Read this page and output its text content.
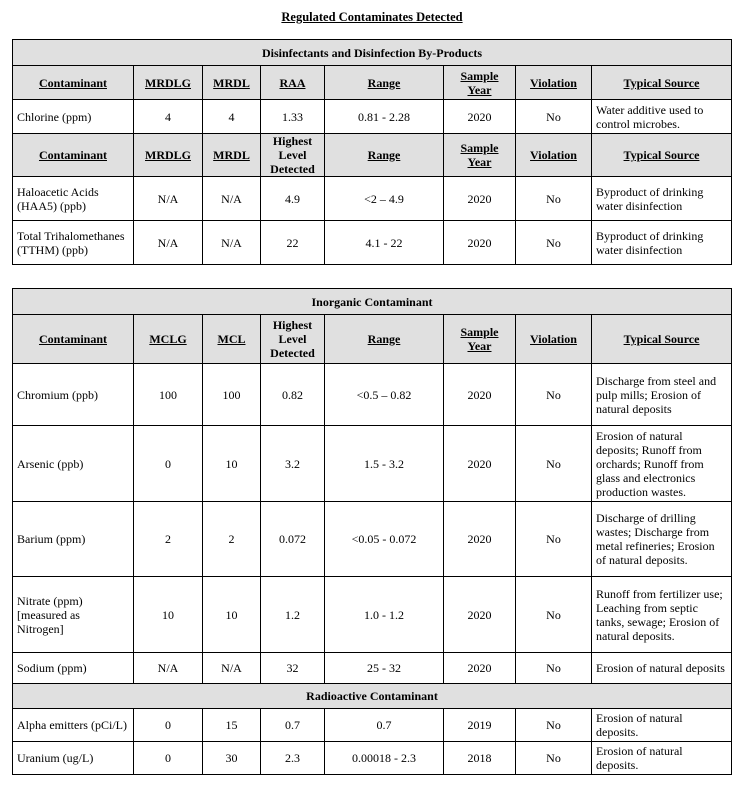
Regulated Contaminates Detected
Disinfectants and Disinfection By-Products							
Contaminant	MRDLG	MRDL	RAA	Range	Sample Year	Violation	Typical Source
Chlorine (ppm)	4	4	1.33	0.81 - 2.28	2020	No	Water additive used to control microbes.
Contaminant	MRDLG	MRDL	Highest Level Detected	Range	Sample Year	Violation	Typical Source
Haloacetic Acids (HAA5) (ppb)	N/A	N/A	4.9	<2 – 4.9	2020	No	Byproduct of drinking water disinfection
Total Trihalomethanes (TTHM) (ppb)	N/A	N/A	22	4.1 - 22	2020	No	Byproduct of drinking water disinfection
Inorganic Contaminant							
Contaminant	MCLG	MCL	Highest Level Detected	Range	Sample Year	Violation	Typical Source
Chromium (ppb)	100	100	0.82	<0.5 – 0.82	2020	No	Discharge from steel and pulp mills; Erosion of natural deposits
Arsenic (ppb)	0	10	3.2	1.5 - 3.2	2020	No	Erosion of natural deposits; Runoff from orchards; Runoff from glass and electronics production wastes.
Barium (ppm)	2	2	0.072	<0.05 - 0.072	2020	No	Discharge of drilling wastes; Discharge from metal refineries; Erosion of natural deposits.
Nitrate (ppm) [measured as Nitrogen]	10	10	1.2	1.0 - 1.2	2020	No	Runoff from fertilizer use; Leaching from septic tanks, sewage; Erosion of natural deposits.
Sodium (ppm)	N/A	N/A	32	25 - 32	2020	No	Erosion of natural deposits
Radioactive Contaminant							
Alpha emitters (pCi/L)	0	15	0.7	0.7	2019	No	Erosion of natural deposits.
Uranium (ug/L)	0	30	2.3	0.00018 - 2.3	2018	No	Erosion of natural deposits.
